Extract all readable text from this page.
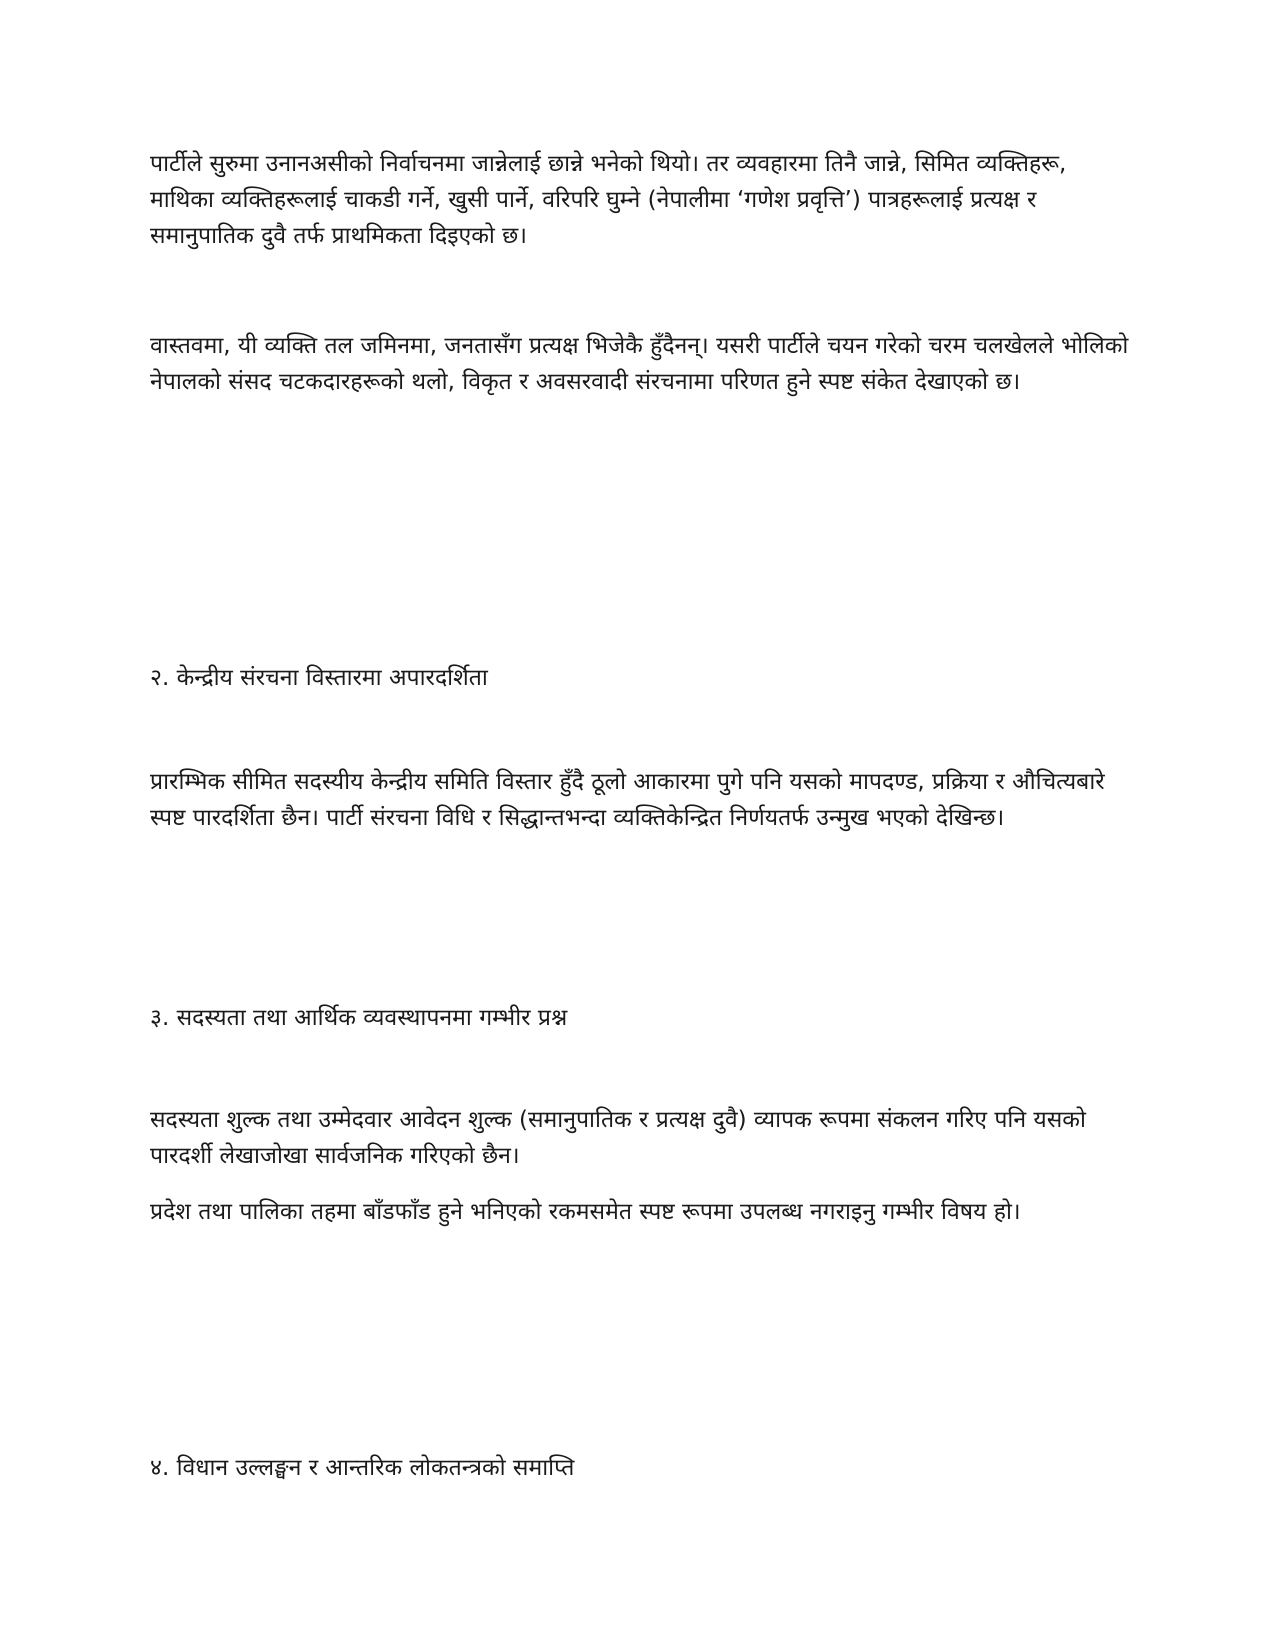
पार्टीले सुरुमा उनानअसीको निर्वाचनमा जान्नेलाई छान्ने भनेको थियो। तर व्यवहारमा तिनै जान्ने, सिमित व्यक्तिहरू, माथिका व्यक्तिहरूलाई चाकडी गर्ने, खुसी पार्ने, वरिपरि घुम्ने (नेपालीमा ‘गणेश प्रवृत्ति’) पात्रहरूलाई प्रत्यक्ष र समानुपातिक दुवै तर्फ प्राथमिकता दिइएको छ।

वास्तवमा, यी व्यक्ति तल जमिनमा, जनतासँग प्रत्यक्ष भिजेकै हुँदैनन्। यसरी पार्टीले चयन गरेको चरम चलखेलले भोलिको नेपालको संसद चटकदारहरूको थलो, विकृत र अवसरवादी संरचनामा परिणत हुने स्पष्ट संकेत देखाएको छ।

२. केन्द्रीय संरचना विस्तारमा अपारदर्शिता

प्रारम्भिक सीमित सदस्यीय केन्द्रीय समिति विस्तार हुँदै ठूलो आकारमा पुगे पनि यसको मापदण्ड, प्रक्रिया र औचित्यबारे स्पष्ट पारदर्शिता छैन। पार्टी संरचना विधि र सिद्धान्तभन्दा व्यक्तिकेन्द्रित निर्णयतर्फ उन्मुख भएको देखिन्छ।

३. सदस्यता तथा आर्थिक व्यवस्थापनमा गम्भीर प्रश्न

सदस्यता शुल्क तथा उम्मेदवार आवेदन शुल्क (समानुपातिक र प्रत्यक्ष दुवै) व्यापक रूपमा संकलन गरिए पनि यसको पारदर्शी लेखाजोखा सार्वजनिक गरिएको छैन।

प्रदेश तथा पालिका तहमा बाँडफाँड हुने भनिएको रकमसमेत स्पष्ट रूपमा उपलब्ध नगराइनु गम्भीर विषय हो।

४. विधान उल्लङ्घन र आन्तरिक लोकतन्त्रको समाप्ति
